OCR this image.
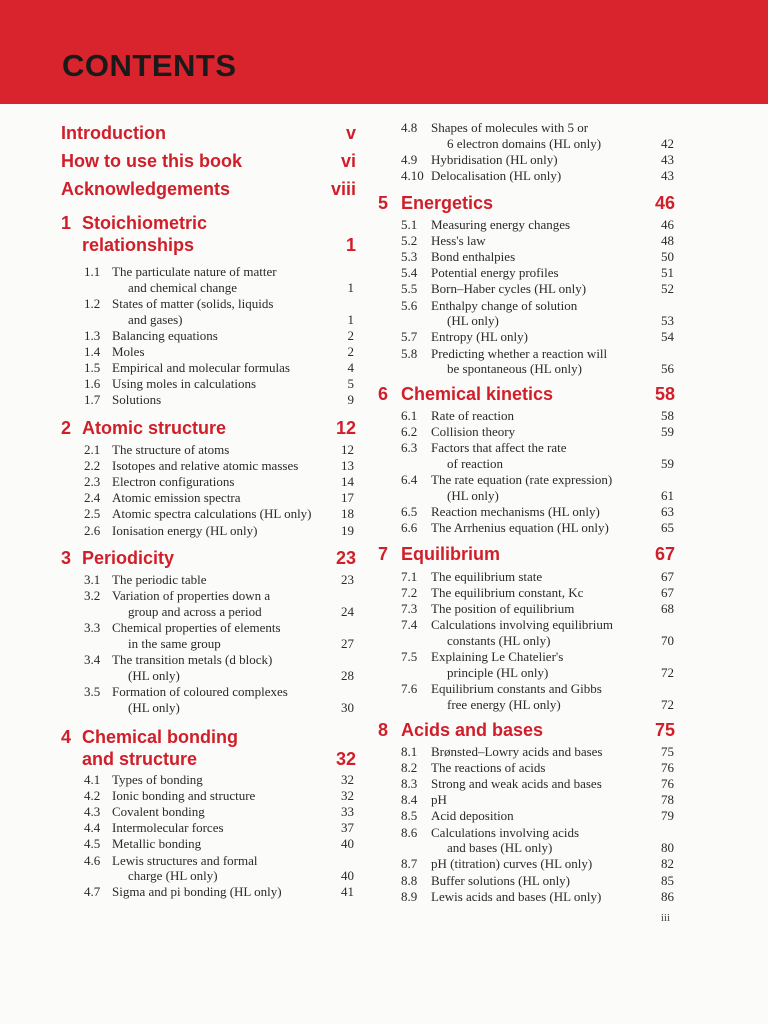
CONTENTS
Introduction	v
How to use this book	vi
Acknowledgements	viii
1 Stoichiometric
relationships	1
1.1 The particulate nature of matter
and chemical change	1
1.2 States of matter (solids, liquids
and gases)	1
1.3 Balancing equations	2
1.4 Moles	2
1.5 Empirical and molecular formulas	4
1.6 Using moles in calculations	5
1.7 Solutions	9
2 Atomic structure	12
2.1 The structure of atoms	12
2.2 Isotopes and relative atomic masses	13
2.3 Electron configurations	14
2.4 Atomic emission spectra	17
2.5 Atomic spectra calculations (HL only)	18
2.6 Ionisation energy (HL only)	19
3 Periodicity	23
3.1 The periodic table	23
3.2 Variation of properties down a
group and across a period	24
3.3 Chemical properties of elements
in the same group	27
3.4 The transition metals (d block)
(HL only)	28
3.5 Formation of coloured complexes
(HL only)	30
4 Chemical bonding
and structure	32
4.1 Types of bonding	32
4.2 Ionic bonding and structure	32
4.3 Covalent bonding	33
4.4 Intermolecular forces	37
4.5 Metallic bonding	40
4.6 Lewis structures and formal
charge (HL only)	40
4.7 Sigma and pi bonding (HL only)	41
4.8 Shapes of molecules with 5 or
6 electron domains (HL only)	42
4.9 Hybridisation (HL only)	43
4.10 Delocalisation (HL only)	43
5 Energetics	46
5.1 Measuring energy changes	46
5.2 Hess's law	48
5.3 Bond enthalpies	50
5.4 Potential energy profiles	51
5.5 Born–Haber cycles (HL only)	52
5.6 Enthalpy change of solution
(HL only)	53
5.7 Entropy (HL only)	54
5.8 Predicting whether a reaction will
be spontaneous (HL only)	56
6 Chemical kinetics	58
6.1 Rate of reaction	58
6.2 Collision theory	59
6.3 Factors that affect the rate
of reaction	59
6.4 The rate equation (rate expression)
(HL only)	61
6.5 Reaction mechanisms (HL only)	63
6.6 The Arrhenius equation (HL only)	65
7 Equilibrium	67
7.1 The equilibrium state	67
7.2 The equilibrium constant, Kc	67
7.3 The position of equilibrium	68
7.4 Calculations involving equilibrium
constants (HL only)	70
7.5 Explaining Le Chatelier's
principle (HL only)	72
7.6 Equilibrium constants and Gibbs
free energy (HL only)	72
8 Acids and bases	75
8.1 Brønsted–Lowry acids and bases	75
8.2 The reactions of acids	76
8.3 Strong and weak acids and bases	76
8.4 pH	78
8.5 Acid deposition	79
8.6 Calculations involving acids
and bases (HL only)	80
8.7 pH (titration) curves (HL only)	82
8.8 Buffer solutions (HL only)	85
8.9 Lewis acids and bases (HL only)	86
iii
